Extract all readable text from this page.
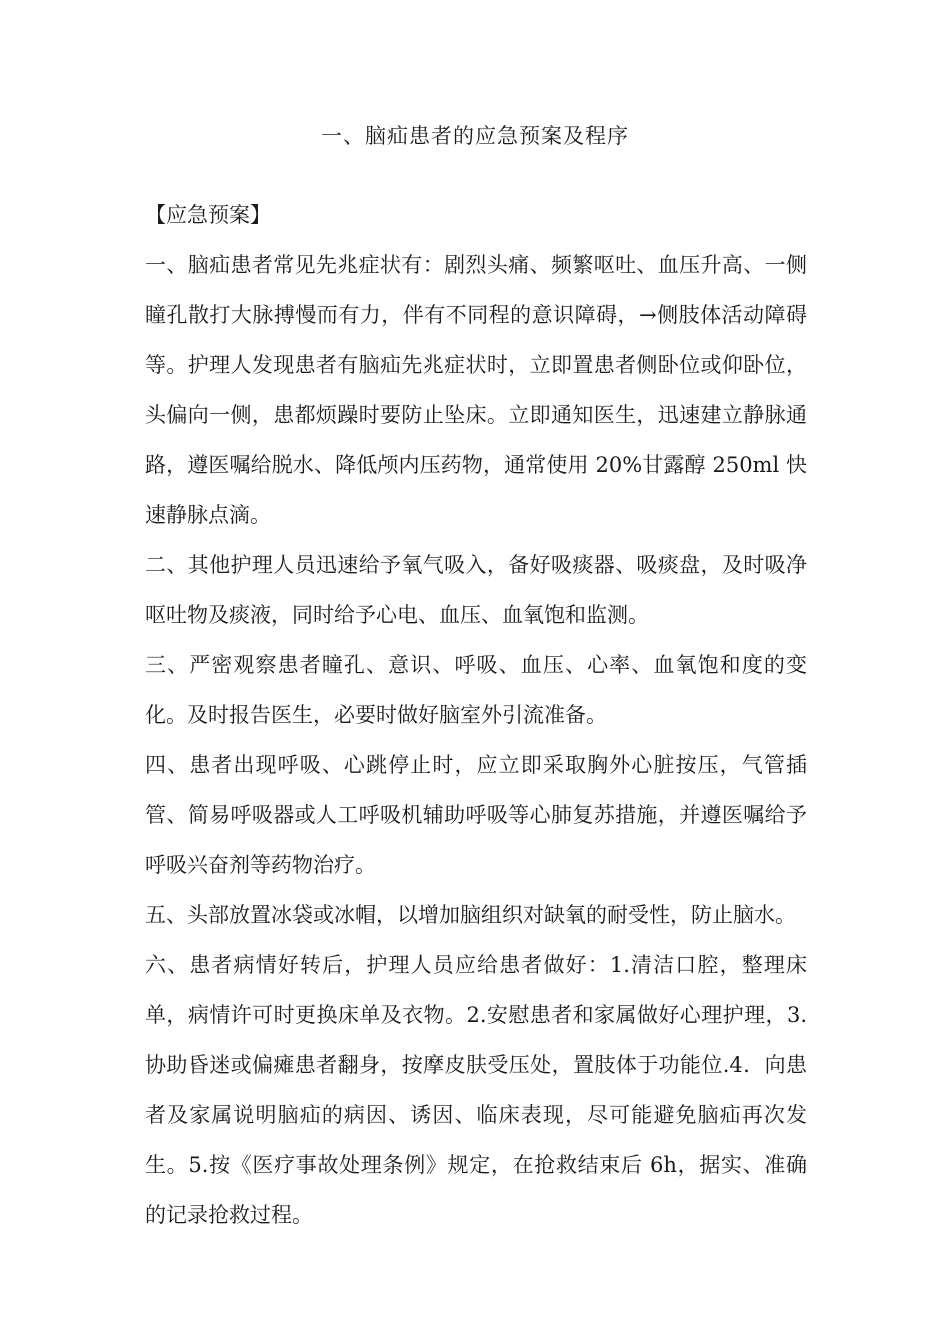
一、脑疝患者的应急预案及程序

【应急预案】

一、脑疝患者常见先兆症状有：剧烈头痛、频繁呕吐、血压升高、一侧瞳孔散打大脉搏慢而有力，伴有不同程的意识障碍，→侧肢体活动障碍等。护理人发现患者有脑疝先兆症状时，立即置患者侧卧位或仰卧位，头偏向一侧，患都烦躁时要防止坠床。立即通知医生，迅速建立静脉通路，遵医嘱给脱水、降低颅内压药物，通常使用 20%甘露醇 250ml 快速静脉点滴。

二、其他护理人员迅速给予氧气吸入，备好吸痰器、吸痰盘，及时吸净呕吐物及痰液，同时给予心电、血压、血氧饱和监测。

三、严密观察患者瞳孔、意识、呼吸、血压、心率、血氧饱和度的变化。及时报告医生，必要时做好脑室外引流准备。

四、患者出现呼吸、心跳停止时，应立即采取胸外心脏按压，气管插管、简易呼吸器或人工呼吸机辅助呼吸等心肺复苏措施，并遵医嘱给予呼吸兴奋剂等药物治疗。

五、头部放置冰袋或冰帽，以增加脑组织对缺氧的耐受性，防止脑水。

六、患者病情好转后，护理人员应给患者做好：1.清洁口腔，整理床单，病情许可时更换床单及衣物。2.安慰患者和家属做好心理护理，3.协助昏迷或偏瘫患者翻身，按摩皮肤受压处，置肢体于功能位.4．向患者及家属说明脑疝的病因、诱因、临床表现，尽可能避免脑疝再次发生。5.按《医疗事故处理条例》规定，在抢救结束后 6h，据实、准确的记录抢救过程。
